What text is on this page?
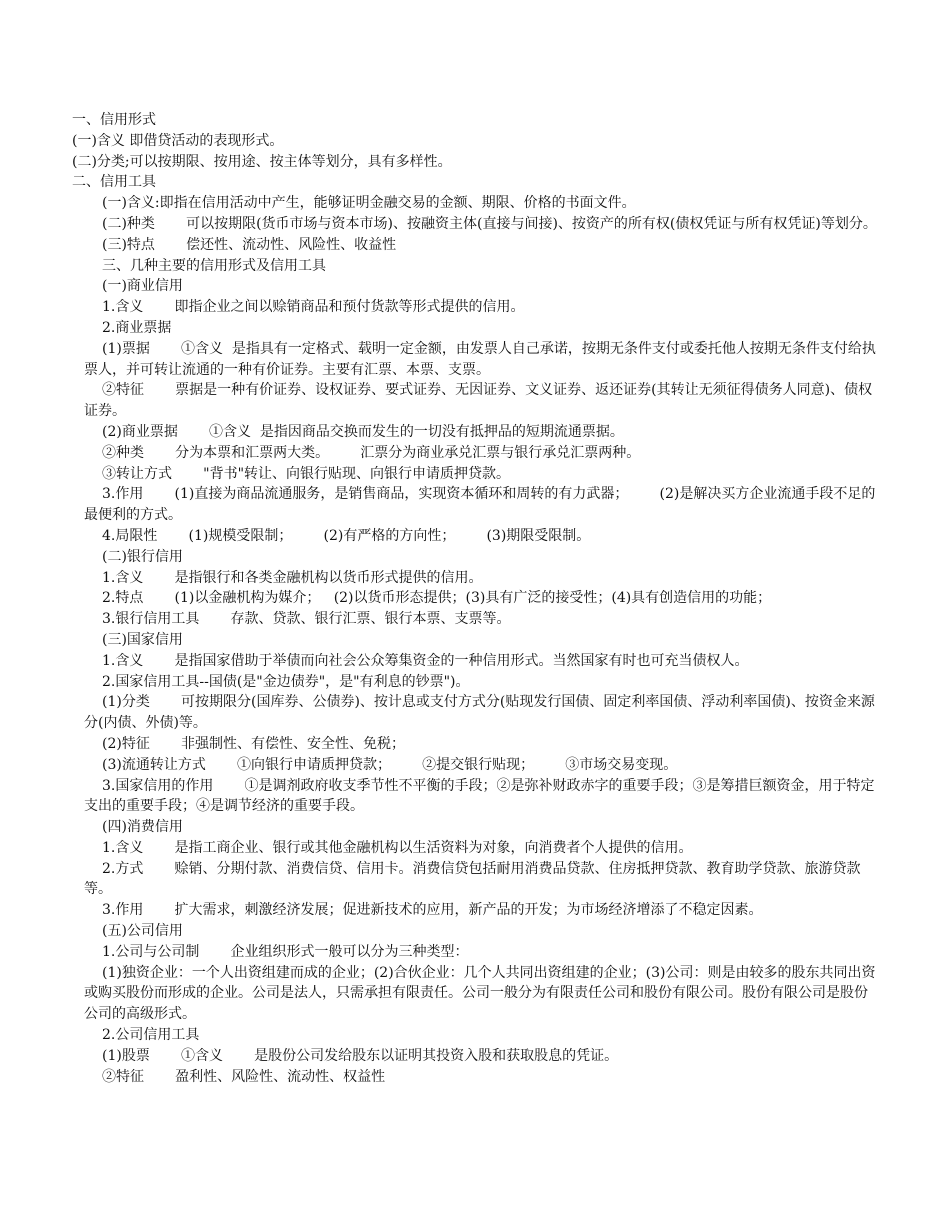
一、信用形式

(一)含义 即借贷活动的表现形式。

(二)分类;可以按期限、按用途、按主体等划分，具有多样性。

二、信用工具

(一)含义:即指在信用活动中产生，能够证明金融交易的金额、期限、价格的书面文件。

(二)种类       可以按期限(货币市场与资本市场)、按融资主体(直接与间接)、按资产的所有权(债权凭证与所有权凭证)等划分。

(三)特点       偿还性、流动性、风险性、收益性

三、几种主要的信用形式及信用工具

(一)商业信用

1.含义       即指企业之间以赊销商品和预付货款等形式提供的信用。

2.商业票据

(1)票据       ①含义  是指具有一定格式、载明一定金额，由发票人自己承诺，按期无条件支付或委托他人按期无条件支付给执票人，并可转让流通的一种有价证券。主要有汇票、本票、支票。

②特征       票据是一种有价证券、设权证券、要式证券、无因证券、文义证券、返还证券(其转让无须征得债务人同意)、债权证券。

(2)商业票据       ①含义  是指因商品交换而发生的一切没有抵押品的短期流通票据。

②种类       分为本票和汇票两大类。       汇票分为商业承兑汇票与银行承兑汇票两种。

③转让方式       "背书"转让、向银行贴现、向银行申请质押贷款。

3.作用       (1)直接为商品流通服务，是销售商品，实现资本循环和周转的有力武器；       (2)是解决买方企业流通手段不足的最便利的方式。

4.局限性       (1)规模受限制；       (2)有严格的方向性；       (3)期限受限制。

(二)银行信用

1.含义       是指银行和各类金融机构以货币形式提供的信用。

2.特点       (1)以金融机构为媒介；   (2)以货币形态提供；(3)具有广泛的接受性；(4)具有创造信用的功能；

3.银行信用工具       存款、贷款、银行汇票、银行本票、支票等。

(三)国家信用

1.含义       是指国家借助于举债而向社会公众筹集资金的一种信用形式。当然国家有时也可充当债权人。

2.国家信用工具--国债(是"金边债券"，是"有利息的钞票")。

(1)分类       可按期限分(国库券、公债券)、按计息或支付方式分(贴现发行国债、固定利率国债、浮动利率国债)、按资金来源分(内债、外债)等。

(2)特征       非强制性、有偿性、安全性、免税；

(3)流通转让方式       ①向银行申请质押贷款；       ②提交银行贴现；       ③市场交易变现。

3.国家信用的作用       ①是调剂政府收支季节性不平衡的手段；②是弥补财政赤字的重要手段；③是筹措巨额资金，用于特定支出的重要手段；④是调节经济的重要手段。

(四)消费信用

1.含义       是指工商企业、银行或其他金融机构以生活资料为对象，向消费者个人提供的信用。

2.方式       赊销、分期付款、消费信贷、信用卡。消费信贷包括耐用消费品贷款、住房抵押贷款、教育助学贷款、旅游贷款等。

3.作用       扩大需求，刺激经济发展；促进新技术的应用，新产品的开发；为市场经济增添了不稳定因素。

(五)公司信用

1.公司与公司制       企业组织形式一般可以分为三种类型：

(1)独资企业：一个人出资组建而成的企业；(2)合伙企业：几个人共同出资组建的企业；(3)公司：则是由较多的股东共同出资或购买股份而形成的企业。公司是法人，只需承担有限责任。公司一般分为有限责任公司和股份有限公司。股份有限公司是股份公司的高级形式。

2.公司信用工具

(1)股票       ①含义       是股份公司发给股东以证明其投资入股和获取股息的凭证。

②特征       盈利性、风险性、流动性、权益性
